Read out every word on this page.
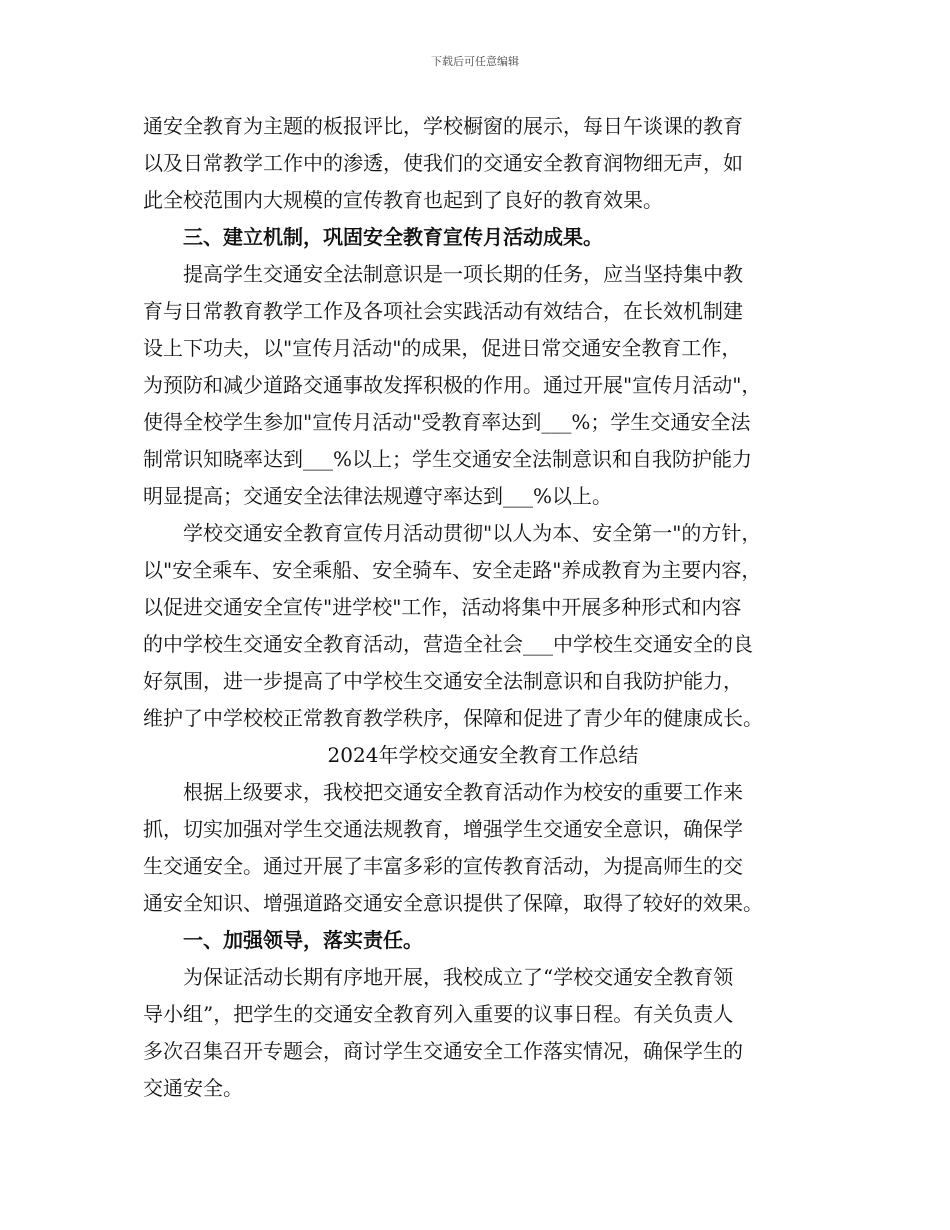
下载后可任意编辑
通安全教育为主题的板报评比，学校橱窗的展示，每日午谈课的教育
以及日常教学工作中的渗透，使我们的交通安全教育润物细无声，如
此全校范围内大规模的宣传教育也起到了良好的教育效果。
三、建立机制，巩固安全教育宣传月活动成果。
提高学生交通安全法制意识是一项长期的任务，应当坚持集中教
育与日常教育教学工作及各项社会实践活动有效结合，在长效机制建
设上下功夫，以"宣传月活动"的成果，促进日常交通安全教育工作，
为预防和减少道路交通事故发挥积极的作用。通过开展"宣传月活动"，
使得全校学生参加"宣传月活动"受教育率达到___%；学生交通安全法
制常识知晓率达到___%以上；学生交通安全法制意识和自我防护能力
明显提高；交通安全法律法规遵守率达到___%以上。
学校交通安全教育宣传月活动贯彻"以人为本、安全第一"的方针，
以"安全乘车、安全乘船、安全骑车、安全走路"养成教育为主要内容，
以促进交通安全宣传"进学校"工作，活动将集中开展多种形式和内容
的中学校生交通安全教育活动，营造全社会___中学校生交通安全的良
好氛围，进一步提高了中学校生交通安全法制意识和自我防护能力，
维护了中学校校正常教育教学秩序，保障和促进了青少年的健康成长。
2024年学校交通安全教育工作总结
根据上级要求，我校把交通安全教育活动作为校安的重要工作来
抓，切实加强对学生交通法规教育，增强学生交通安全意识，确保学
生交通安全。通过开展了丰富多彩的宣传教育活动，为提高师生的交
通安全知识、增强道路交通安全意识提供了保障，取得了较好的效果。
一、加强领导，落实责任。
为保证活动长期有序地开展，我校成立了“学校交通安全教育领
导小组”，把学生的交通安全教育列入重要的议事日程。有关负责人
多次召集召开专题会，商讨学生交通安全工作落实情况，确保学生的
交通安全。
